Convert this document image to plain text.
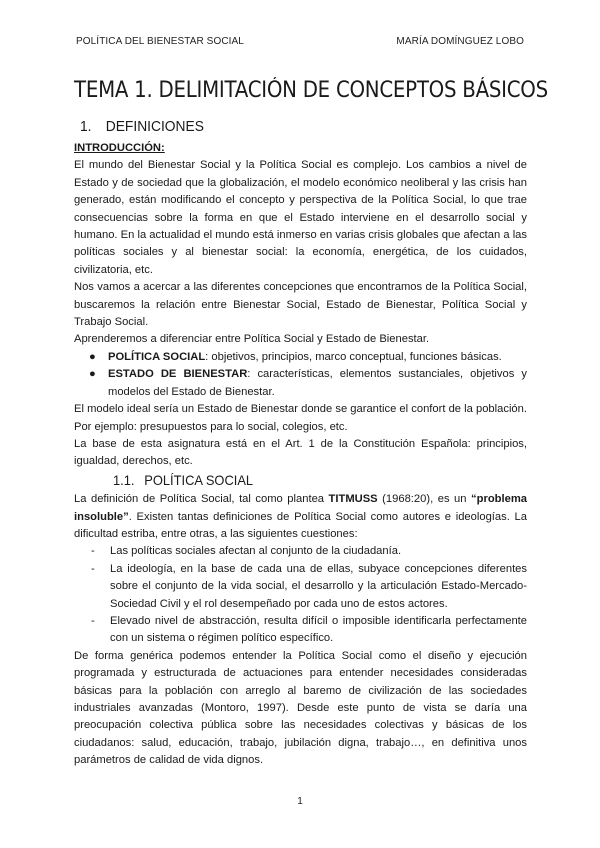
POLÍTICA DEL BIENESTAR SOCIAL	MARÍA DOMÍNGUEZ LOBO
TEMA 1. DELIMITACIÓN DE CONCEPTOS BÁSICOS
1. DEFINICIONES

INTRODUCCIÓN:

El mundo del Bienestar Social y la Política Social es complejo. Los cambios a nivel de Estado y de sociedad que la globalización, el modelo económico neoliberal y las crisis han generado, están modificando el concepto y perspectiva de la Política Social, lo que trae consecuencias sobre la forma en que el Estado interviene en el desarrollo social y humano. En la actualidad el mundo está inmerso en varias crisis globales que afectan a las políticas sociales y al bienestar social: la economía, energética, de los cuidados, civilizatoria, etc.

Nos vamos a acercar a las diferentes concepciones que encontramos de la Política Social, buscaremos la relación entre Bienestar Social, Estado de Bienestar, Política Social y Trabajo Social.

Aprenderemos a diferenciar entre Política Social y Estado de Bienestar.

● POLÍTICA SOCIAL: objetivos, principios, marco conceptual, funciones básicas.
● ESTADO DE BIENESTAR: características, elementos sustanciales, objetivos y modelos del Estado de Bienestar.

El modelo ideal sería un Estado de Bienestar donde se garantice el confort de la población. Por ejemplo: presupuestos para lo social, colegios, etc.

La base de esta asignatura está en el Art. 1 de la Constitución Española: principios, igualdad, derechos, etc.

1.1. POLÍTICA SOCIAL

La definición de Política Social, tal como plantea TITMUSS (1968:20), es un “problema insoluble”. Existen tantas definiciones de Política Social como autores e ideologías. La dificultad estriba, entre otras, a las siguientes cuestiones:

- Las políticas sociales afectan al conjunto de la ciudadanía.
- La ideología, en la base de cada una de ellas, subyace concepciones diferentes sobre el conjunto de la vida social, el desarrollo y la articulación Estado-Mercado-Sociedad Civil y el rol desempeñado por cada uno de estos actores.
- Elevado nivel de abstracción, resulta difícil o imposible identificarla perfectamente con un sistema o régimen político específico.

De forma genérica podemos entender la Política Social como el diseño y ejecución programada y estructurada de actuaciones para entender necesidades consideradas básicas para la población con arreglo al baremo de civilización de las sociedades industriales avanzadas (Montoro, 1997). Desde este punto de vista se daría una preocupación colectiva pública sobre las necesidades colectivas y básicas de los ciudadanos: salud, educación, trabajo, jubilación digna, trabajo…, en definitiva unos parámetros de calidad de vida dignos.

1
